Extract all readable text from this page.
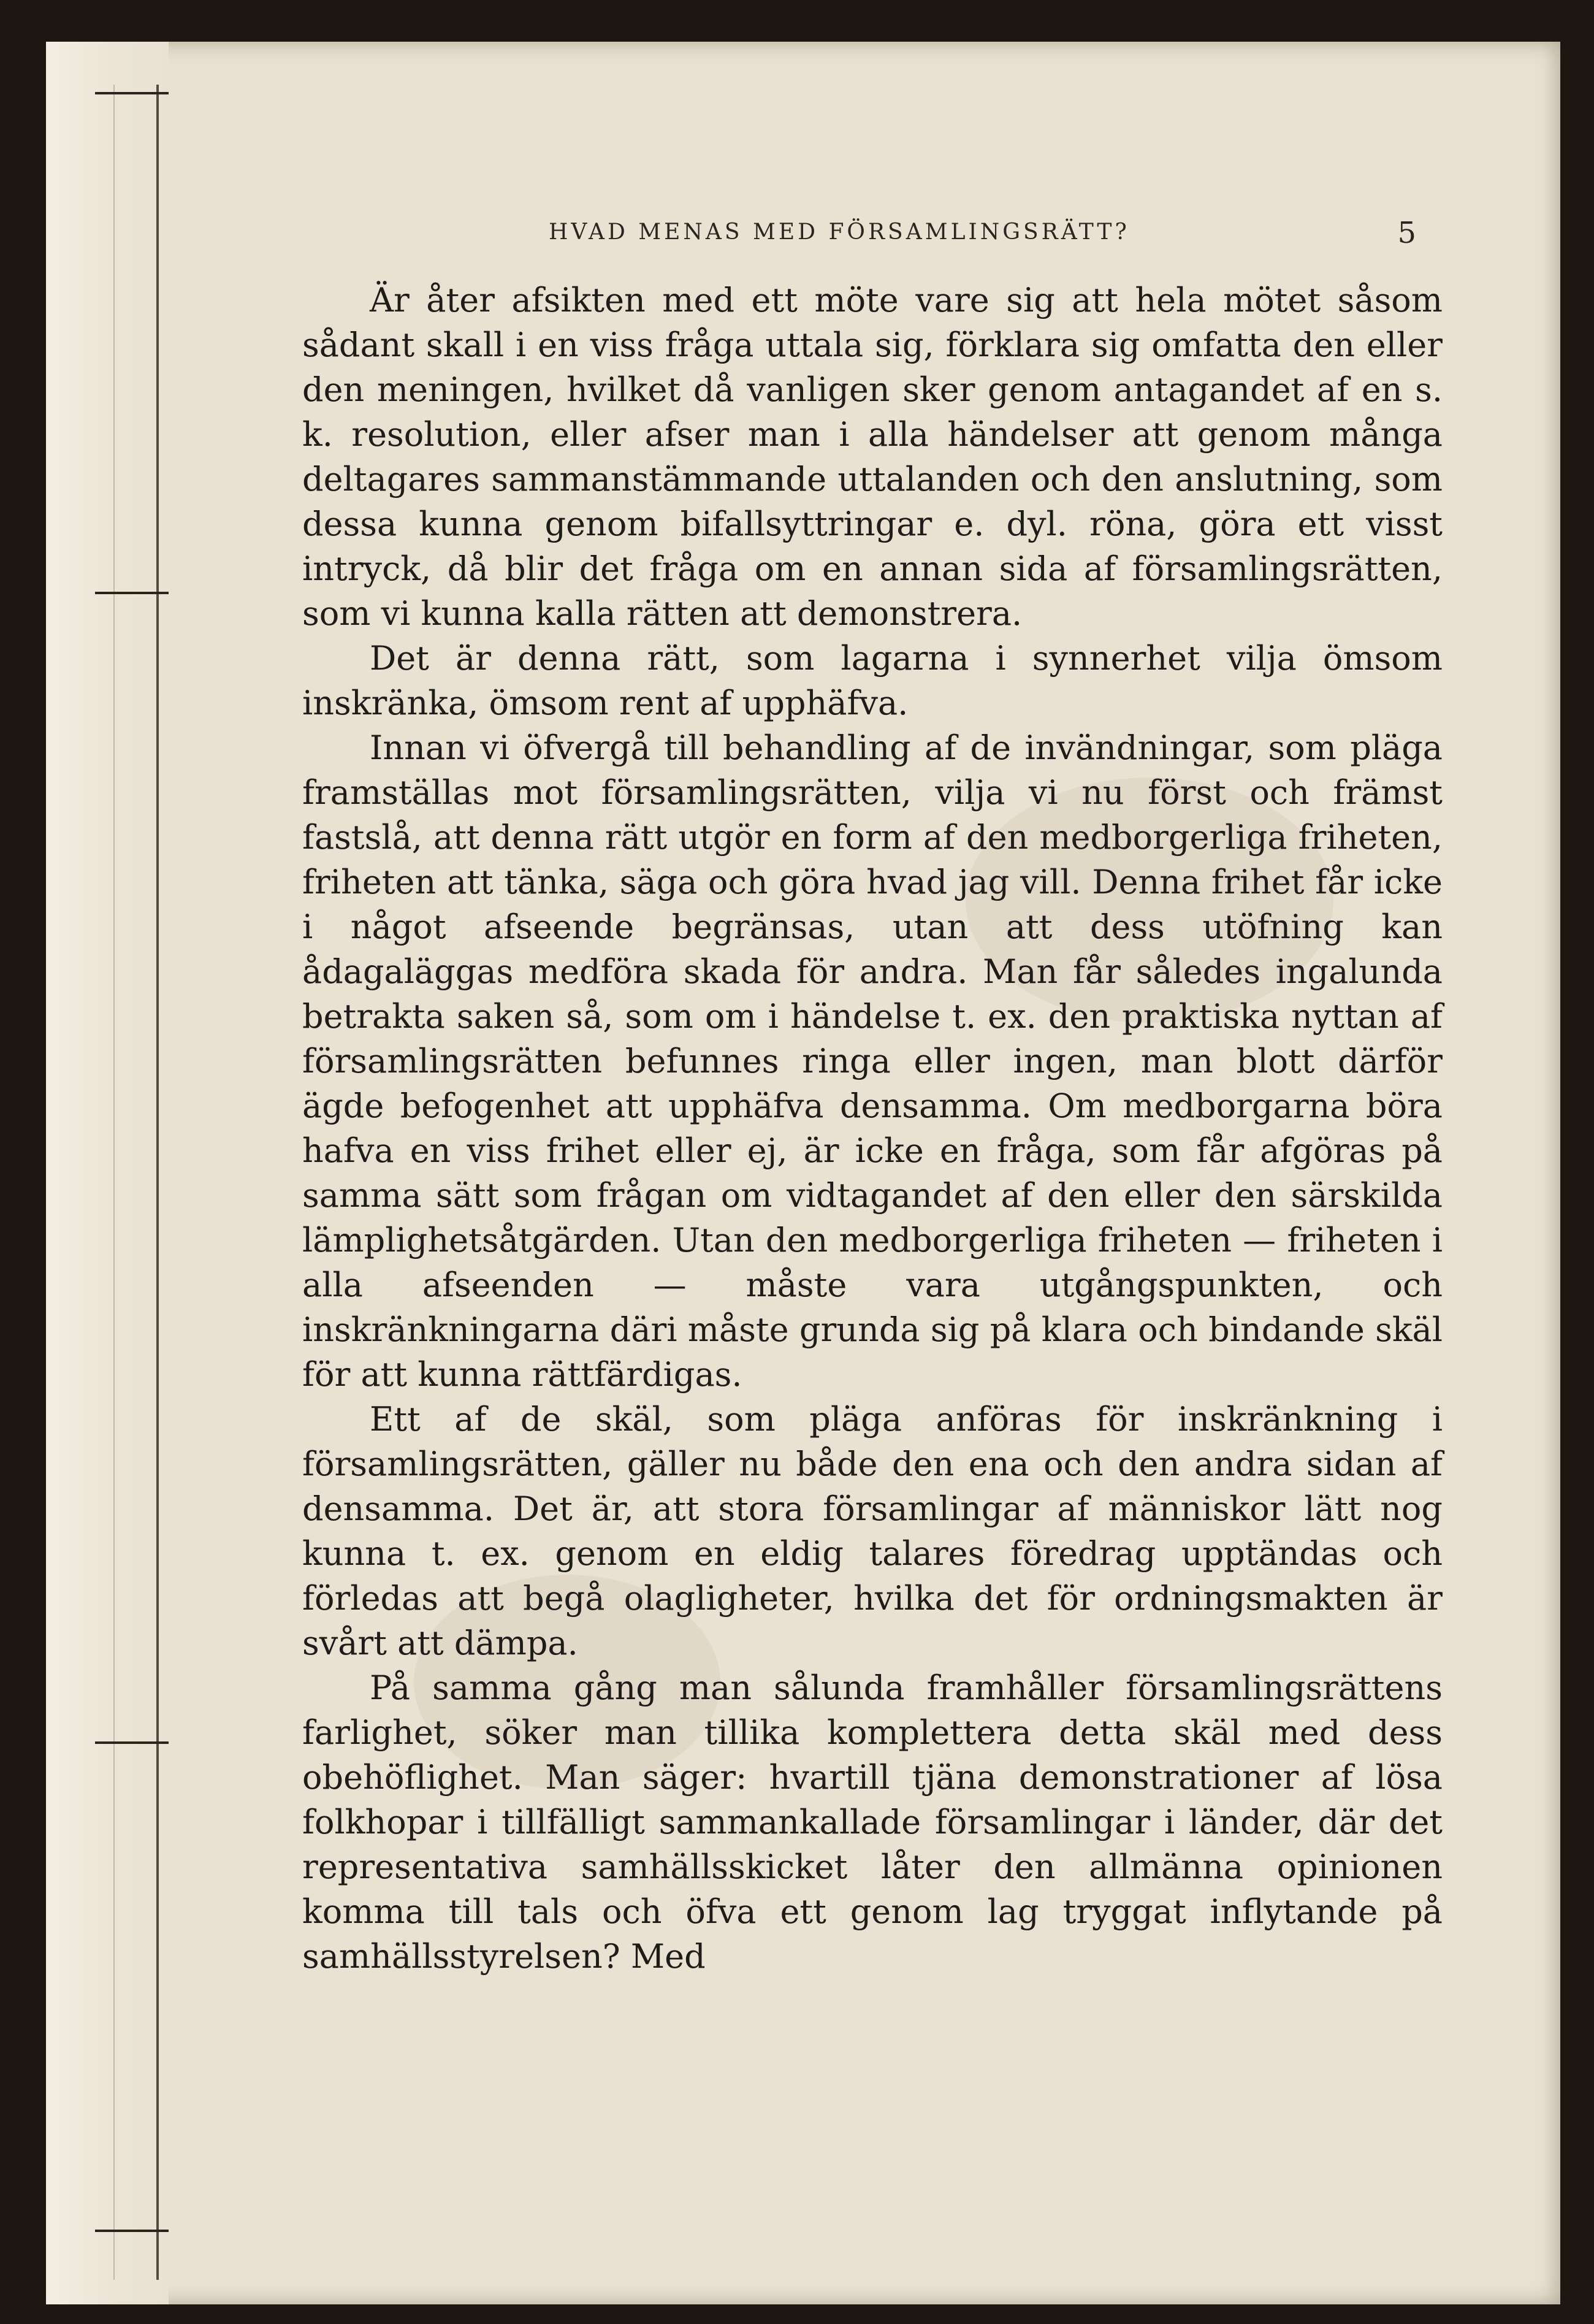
HVAD MENAS MED FÖRSAMLINGSRÄTT?	5

Är åter afsikten med ett möte vare sig att hela mötet såsom sådant skall i en viss fråga uttala sig, förklara sig omfatta den eller den meningen, hvilket då vanligen sker genom antagandet af en s. k. resolution, eller afser man i alla händelser att genom många deltagares sammanstämmande uttalanden och den anslutning, som dessa kunna genom bifallsyttringar e. dyl. röna, göra ett visst intryck, då blir det fråga om en annan sida af församlingsrätten, som vi kunna kalla rätten att demonstrera.

Det är denna rätt, som lagarna i synnerhet vilja ömsom inskränka, ömsom rent af upphäfva.

Innan vi öfvergå till behandling af de invändningar, som pläga framställas mot församlingsrätten, vilja vi nu först och främst fastslå, att denna rätt utgör en form af den medborgerliga friheten, friheten att tänka, säga och göra hvad jag vill. Denna frihet får icke i något afseende begränsas, utan att dess utöfning kan ådagaläggas medföra skada för andra. Man får således ingalunda betrakta saken så, som om i händelse t. ex. den praktiska nyttan af församlingsrätten befunnes ringa eller ingen, man blott därför ägde befogenhet att upphäfva densamma. Om medborgarna böra hafva en viss frihet eller ej, är icke en fråga, som får afgöras på samma sätt som frågan om vidtagandet af den eller den särskilda lämplighetsåtgärden. Utan den medborgerliga friheten — friheten i alla afseenden — måste vara utgångspunkten, och inskränkningarna däri måste grunda sig på klara och bindande skäl för att kunna rättfärdigas.

Ett af de skäl, som pläga anföras för inskränkning i församlingsrätten, gäller nu både den ena och den andra sidan af densamma. Det är, att stora församlingar af människor lätt nog kunna t. ex. genom en eldig talares föredrag upptändas och förledas att begå olagligheter, hvilka det för ordningsmakten är svårt att dämpa.

På samma gång man sålunda framhåller församlingsrättens farlighet, söker man tillika komplettera detta skäl med dess obehöflighet. Man säger: hvartill tjäna demonstrationer af lösa folkhopar i tillfälligt sammankallade församlingar i länder, där det representativa samhällsskicket låter den allmänna opinionen komma till tals och öfva ett genom lag tryggat inflytande på samhällsstyrelsen? Med
